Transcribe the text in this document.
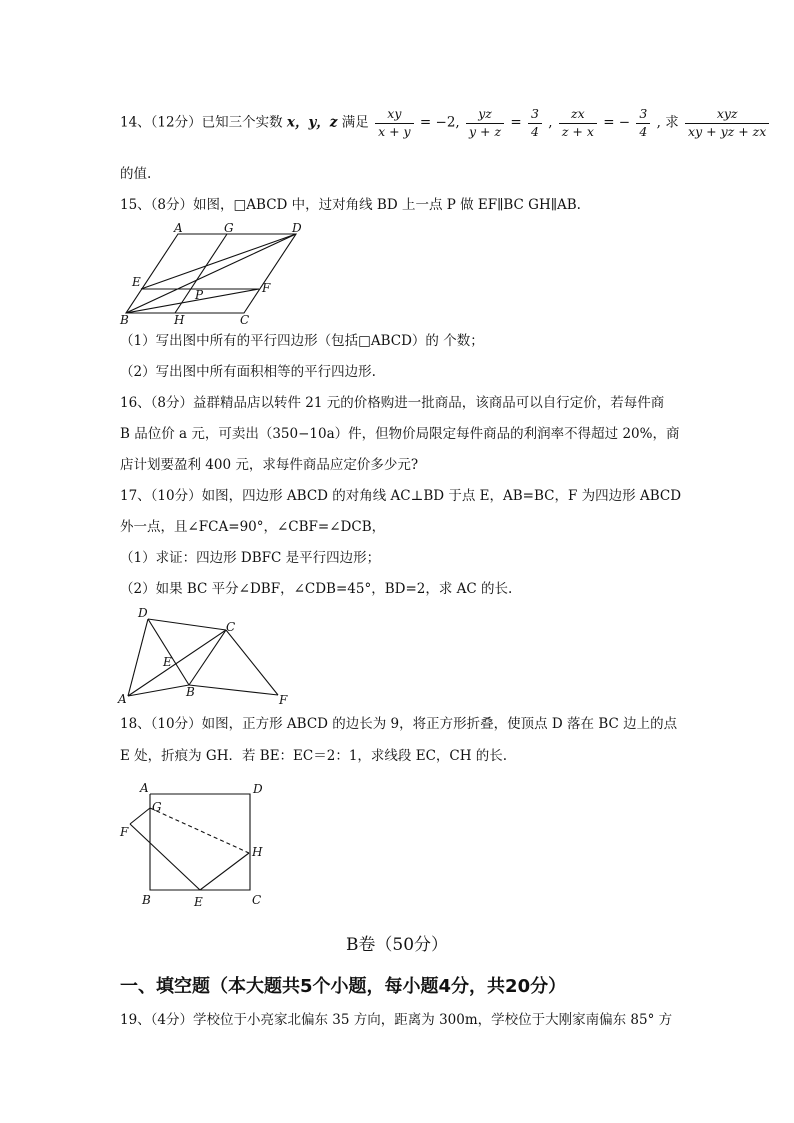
14、（12分）已知三个实数 x，y，z 满足 $\frac{xy}{x + y} = -2$, $\frac{yz}{y + z} = \frac{3}{4}$ , $\frac{zx}{z + x}$ = − $\frac{3}{4}$ , 求 $\frac{\text{xyz}}{xy + yz + zx}$
的值.
15、（8分）如图，□ABCD 中，过对角线 BD 上一点 P 做 EF∥BC GH∥AB.
A	G	D
E
P	F
B	H	C
（1）写出图中所有的平行四边形（包括□ABCD）的 个数；
（2）写出图中所有面积相等的平行四边形.
16、（8分）益群精品店以转件 21 元的价格购进一批商品，该商品可以自行定价，若每件商
B 品位价 a 元，可卖出（350−10a）件，但物价局限定每件商品的利润率不得超过 20%，商
店计划要盈利 400 元，求每件商品应定价多少元?
17、（10分）如图，四边形 ABCD 的对角线 AC⊥BD 于点 E，AB=BC，F 为四边形 ABCD
外一点，且∠FCA=90°，∠CBF=∠DCB，
（1）求证：四边形 DBFC 是平行四边形；
（2）如果 BC 平分∠DBF，∠CDB=45°，BD=2，求 AC 的长.
D
C
E
A	B
F
18、（10分）如图，正方形 ABCD 的边长为 9，将正方形折叠，使顶点 D 落在 BC 边上的点
E 处，折痕为 GH．若 BE：EC＝2：1，求线段 EC，CH 的长.
A	D
G
F
H
B	E	C
B卷（50分）
一、填空题（本大题共5个小题，每小题4分，共20分）
19、（4分）学校位于小亮家北偏东 35 方向，距离为 300m，学校位于大刚家南偏东 85° 方
